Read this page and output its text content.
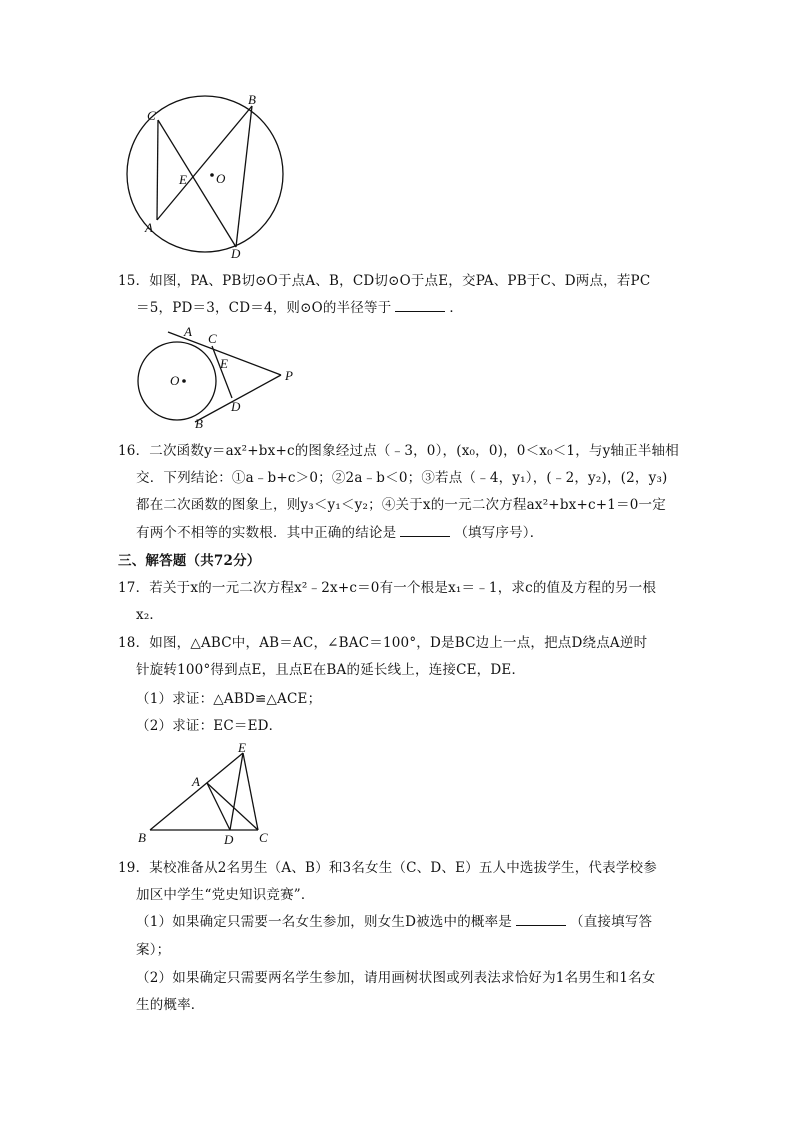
B
C
E O
A
D
15．如图，PA、PB切⊙O于点A、B，CD切⊙O于点E，交PA、PB于C、D两点，若PC
＝5，PD＝3，CD＝4，则⊙O的半径等于	．
A C
E
O	P
D
B
16．二次函数y＝ax²+bx+c的图象经过点（﹣3，0），(x₀，0)，0＜x₀＜1，与y轴正半轴相
交．下列结论：①a﹣b+c＞0；②2a﹣b＜0；③若点（﹣4，y₁），(﹣2，y₂)，(2，y₃)
都在二次函数的图象上，则y₃＜y₁＜y₂；④关于x的一元二次方程ax²+bx+c+1＝0一定
有两个不相等的实数根．其中正确的结论是	（填写序号）．
三、解答题（共72分）
17．若关于x的一元二次方程x²﹣2x+c＝0有一个根是x₁＝﹣1，求c的值及方程的另一根
x₂．
18．如图，△ABC中，AB＝AC，∠BAC＝100°，D是BC边上一点，把点D绕点A逆时
针旋转100°得到点E，且点E在BA的延长线上，连接CE，DE．
（1）求证：△ABD≌△ACE；
（2）求证：EC＝ED．
E
A
B	D C
19．某校准备从2名男生（A、B）和3名女生（C、D、E）五人中选拔学生，代表学校参
加区中学生“党史知识竞赛”．
（1）如果确定只需要一名女生参加，则女生D被选中的概率是	（直接填写答
案）；
（2）如果确定只需要两名学生参加，请用画树状图或列表法求恰好为1名男生和1名女
生的概率．
